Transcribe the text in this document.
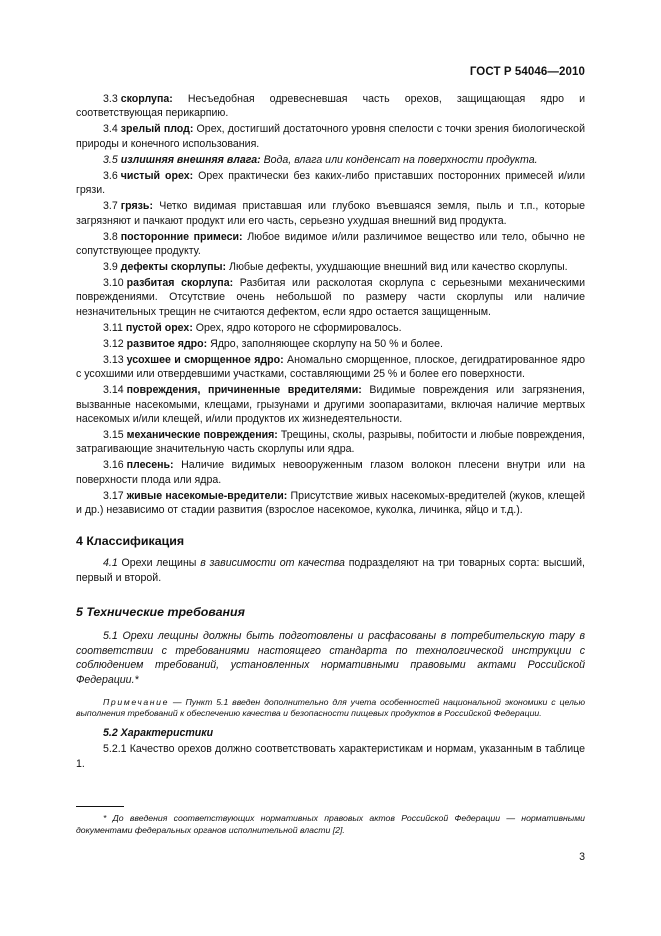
ГОСТ Р 54046—2010

3.3 скорлупа: Несъедобная одревесневшая часть орехов, защищающая ядро и соответствующая перикарпию.

3.4 зрелый плод: Орех, достигший достаточного уровня спелости с точки зрения биологической природы и конечного использования.

3.5 излишняя внешняя влага: Вода, влага или конденсат на поверхности продукта.

3.6 чистый орех: Орех практически без каких-либо приставших посторонних примесей и/или грязи.

3.7 грязь: Четко видимая приставшая или глубоко въевшаяся земля, пыль и т.п., которые загрязняют и пачкают продукт или его часть, серьезно ухудшая внешний вид продукта.

3.8 посторонние примеси: Любое видимое и/или различимое вещество или тело, обычно не сопутствующее продукту.

3.9 дефекты скорлупы: Любые дефекты, ухудшающие внешний вид или качество скорлупы.

3.10 разбитая скорлупа: Разбитая или расколотая скорлупа с серьезными механическими повреждениями. Отсутствие очень небольшой по размеру части скорлупы или наличие незначительных трещин не считаются дефектом, если ядро остается защищенным.

3.11 пустой орех: Орех, ядро которого не сформировалось.

3.12 развитое ядро: Ядро, заполняющее скорлупу на 50 % и более.

3.13 усохшее и сморщенное ядро: Аномально сморщенное, плоское, дегидратированное ядро с усохшими или отвердевшими участками, составляющими 25 % и более его поверхности.

3.14 повреждения, причиненные вредителями: Видимые повреждения или загрязнения, вызванные насекомыми, клещами, грызунами и другими зоопаразитами, включая наличие мертвых насекомых и/или клещей, и/или продуктов их жизнедеятельности.

3.15 механические повреждения: Трещины, сколы, разрывы, побитости и любые повреждения, затрагивающие значительную часть скорлупы или ядра.

3.16 плесень: Наличие видимых невооруженным глазом волокон плесени внутри или на поверхности плода или ядра.

3.17 живые насекомые-вредители: Присутствие живых насекомых-вредителей (жуков, клещей и др.) независимо от стадии развития (взрослое насекомое, куколка, личинка, яйцо и т.д.).

4 Классификация

4.1 Орехи лещины в зависимости от качества подразделяют на три товарных сорта: высший, первый и второй.

5 Технические требования

5.1 Орехи лещины должны быть подготовлены и расфасованы в потребительскую тару в соответствии с требованиями настоящего стандарта по технологической инструкции с соблюдением требований, установленных нормативными правовыми актами Российской Федерации.*

Примечание — Пункт 5.1 введен дополнительно для учета особенностей национальной экономики с целью выполнения требований к обеспечению качества и безопасности пищевых продуктов в Российской Федерации.

5.2 Характеристики

5.2.1 Качество орехов должно соответствовать характеристикам и нормам, указанным в таблице 1.

* До введения соответствующих нормативных правовых актов Российской Федерации — нормативными документами федеральных органов исполнительной власти [2].
3
